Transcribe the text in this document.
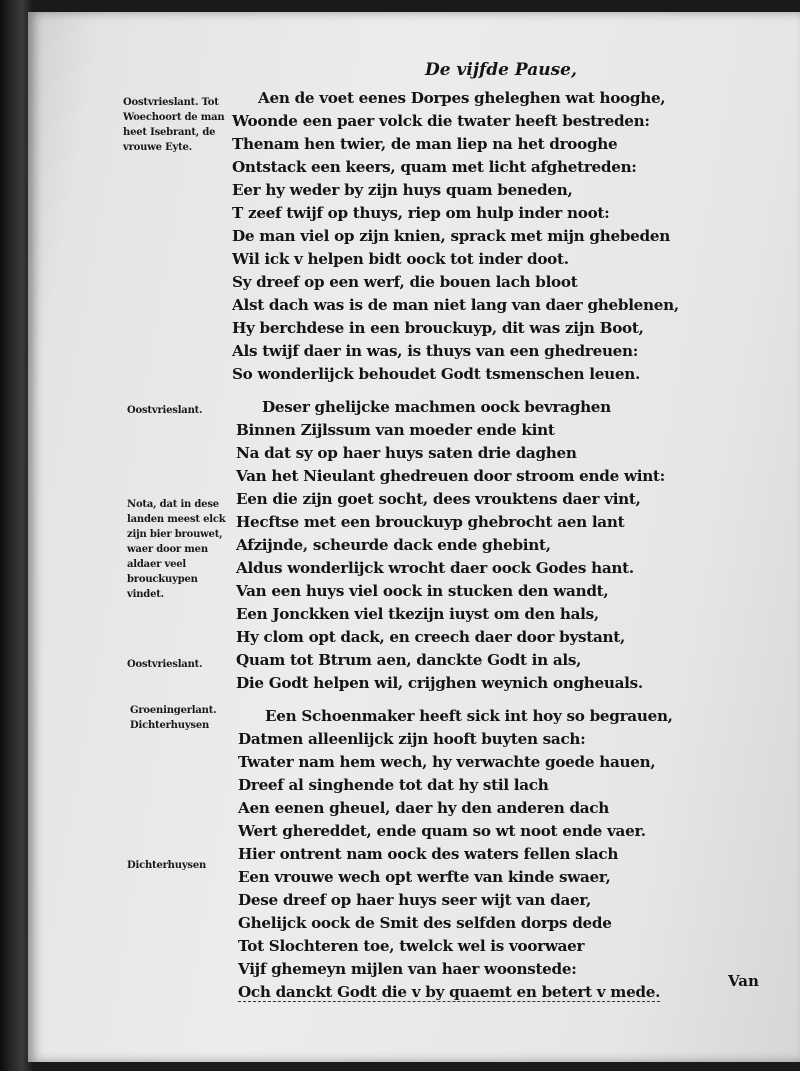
De vijfde Pause,
Oostvrieslant. Tot Woechoort de man heet Isebrant, de vrouwe Eyte.
Oostvrieslant.
Nota, dat in dese landen meest elck zijn bier brouwet, waer door men aldaer veel brouckuypen vindet.
Oostvrieslant.
Groeningerlant. Dichterhuysen
Dichterhuysen
Aen de voet eenes Dorpes gheleghen wat hooghe,
Woonde een paer volck die twater heeft bestreden:
Thenam hen twier, de man liep na het drooghe
Ontstack een keers, quam met licht afghetreden:
Eer hy weder by zijn huys quam beneden,
T zeef twijf op thuys, riep om hulp inder noot:
De man viel op zijn knien, sprack met mijn ghebeden
Wil ick v helpen bidt oock tot inder doot.
Sy dreef op een werf, die bouen lach bloot
Alst dach was is de man niet lang van daer gheblenen,
Hy berchdese in een brouckuyp, dit was zijn Boot,
Als twijf daer in was, is thuys van een ghedreuen:
So wonderlijck behoudet Godt tsmenschen leuen.
Deser ghelijcke machmen oock bevraghen
Binnen Zijlssum van moeder ende kint
Na dat sy op haer huys saten drie daghen
Van het Nieulant ghedreuen door stroom ende wint:
Een die zijn goet socht, dees vrouktens daer vint,
Hecftse met een brouckuyp ghebrocht aen lant
Afzijnde, scheurde dack ende ghebint,
Aldus wonderlijck wrocht daer oock Godes hant.
Van een huys viel oock in stucken den wandt,
Een Jonckken viel tkezijn iuyst om den hals,
Hy clom opt dack, en creech daer door bystant,
Quam tot Btrum aen, danckte Godt in als,
Die Godt helpen wil, crijghen weynich ongheuals.
Een Schoenmaker heeft sick int hoy so begrauen,
Datmen alleenlijck zijn hooft buyten sach:
Twater nam hem wech, hy verwachte goede hauen,
Dreef al singhende tot dat hy stil lach
Aen eenen gheuel, daer hy den anderen dach
Wert ghereddet, ende quam so wt noot ende vaer.
Hier ontrent nam oock des waters fellen slach
Een vrouwe wech opt werfte van kinde swaer,
Dese dreef op haer huys seer wijt van daer,
Ghelijck oock de Smit des selfden dorps dede
Tot Slochteren toe, twelck wel is voorwaer
Vijf ghemeyn mijlen van haer woonstede:
Och danckt Godt die v by quaemt en betert v mede.
Van
